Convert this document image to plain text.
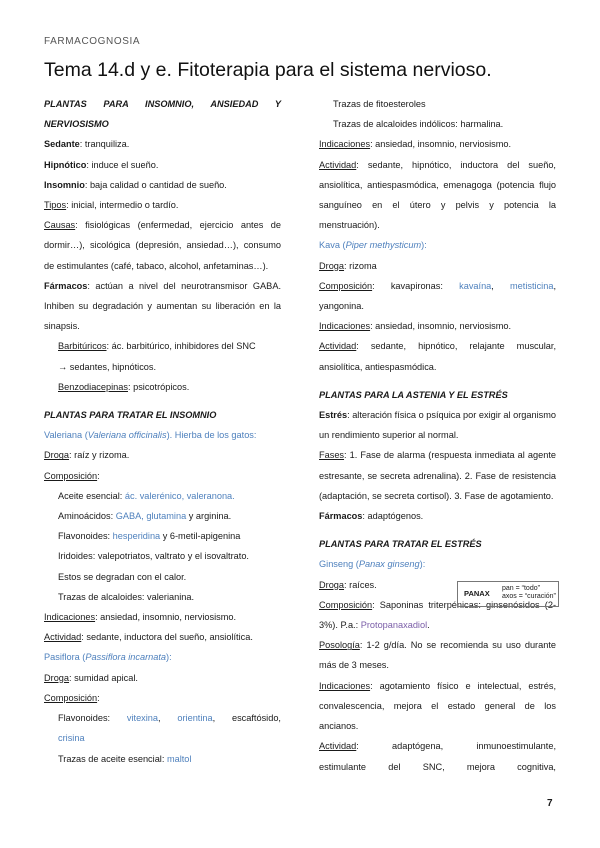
FARMACOGNOSIA
Tema 14.d y e. Fitoterapia para el sistema nervioso.

PLANTAS PARA INSOMNIO, ANSIEDAD Y

NERVIOSISMO

Sedante: tranquiliza.

Hipnótico: induce el sueño.

Insomnio: baja calidad o cantidad de sueño.

Tipos: inicial, intermedio o tardío.

Causas: fisiológicas (enfermedad, ejercicio antes de dormir…), sicológica (depresión, ansiedad…), consumo de estimulantes (café, tabaco, alcohol, anfetaminas…).

Fármacos: actúan a nivel del neurotransmisor GABA. Inhiben su degradación y aumentan su liberación en la sinapsis.

Barbitúricos: ác. barbitúrico, inhibidores del SNC
→ sedantes, hipnóticos.

Benzodiacepinas: psicotrópicos.

PLANTAS PARA TRATAR EL INSOMNIO

Valeriana (Valeriana officinalis). Hierba de los gatos:

Droga: raíz y rizoma.

Composición:

Aceite esencial: ác. valerénico, valeranona.

Aminoácidos: GABA, glutamina y arginina.

Flavonoides: hesperidina y 6-metil-apigenina

Iridoides: valepotriatos, valtrato y el isovaltrato.

Estos se degradan con el calor.

Trazas de alcaloides: valerianina.

Indicaciones: ansiedad, insomnio, nerviosismo.

Actividad: sedante, inductora del sueño, ansiolítica.

Pasiflora (Passiflora incarnata):

Droga: sumidad apical.

Composición:

Flavonoides: vitexina, orientina, escaftósido,

crisina

Trazas de aceite esencial: maltol

Trazas de fitoesteroles

Trazas de alcaloides indólicos: harmalina.

Indicaciones: ansiedad, insomnio, nerviosismo.

Actividad: sedante, hipnótico, inductora del sueño, ansiolítica, antiespasmódica, emenagoga (potencia flujo sanguíneo en el útero y pelvis y potencia la menstruación).

Kava (Piper methysticum):

Droga: rizoma

Composición: kavapironas: kavaína, metisticina,

yangonina.

Indicaciones: ansiedad, insomnio, nerviosismo.

Actividad: sedante, hipnótico, relajante muscular, ansiolítica, antiespasmódica.

PLANTAS PARA LA ASTENIA Y EL ESTRÉS

Estrés: alteración física o psíquica por exigir al organismo un rendimiento superior al normal.

Fases: 1. Fase de alarma (respuesta inmediata al agente estresante, se secreta adrenalina). 2. Fase de resistencia (adaptación, se secreta cortisol). 3. Fase de agotamiento.

Fármacos: adaptógenos.

PLANTAS PARA TRATAR EL ESTRÉS

Ginseng (Panax ginseng):

Droga: raíces.

Composición: Saponinas triterpénicas: ginsenósidos (2-3%). P.a.: Protopanaxadiol.

Posología: 1-2 g/día. No se recomienda su uso durante más de 3 meses.

Indicaciones: agotamiento físico e intelectual, estrés, convalescencia, mejora el estado general de los ancianos.

Actividad:    adaptógena,    inmunoestimulante, estimulante del SNC, mejora cognitiva,

PANAX
pan = “todo”
axos = “curación”
7
